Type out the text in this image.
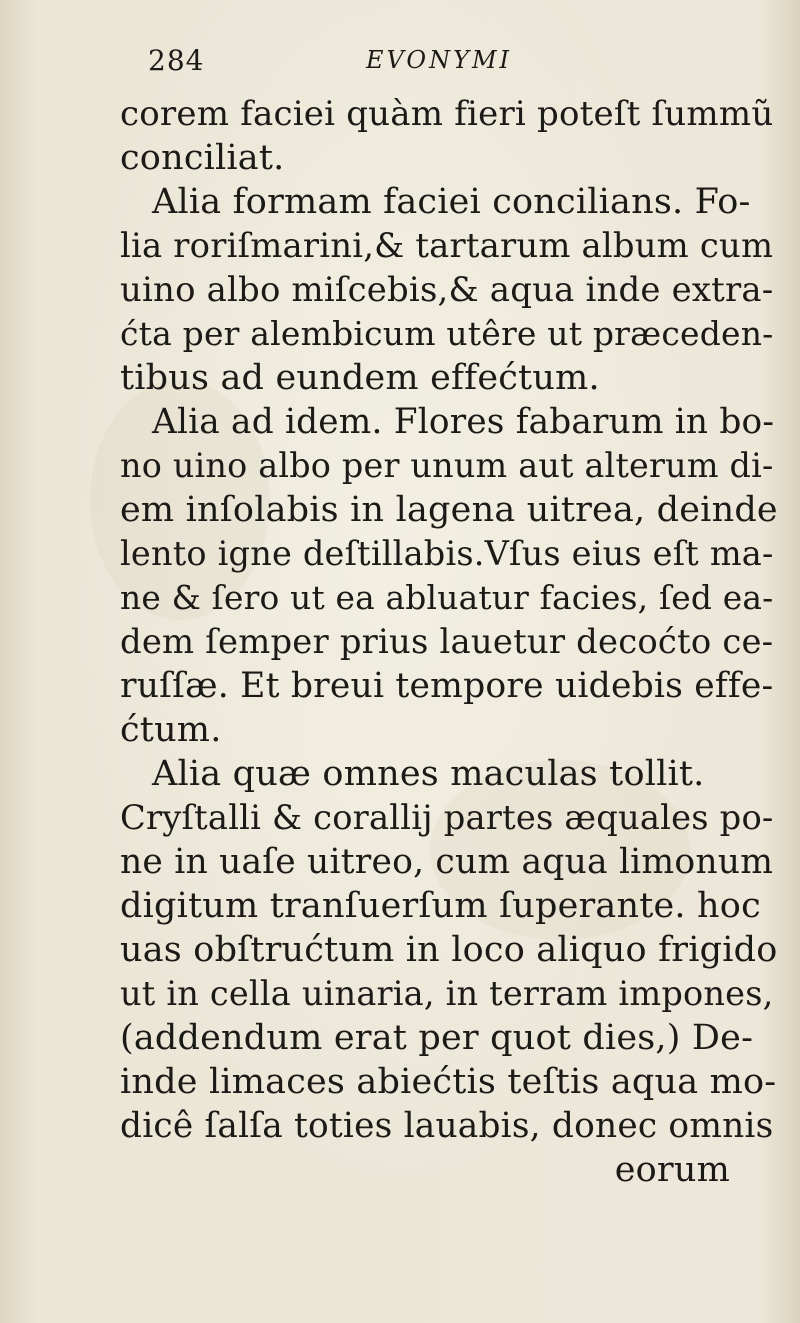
284	EVONYMI
corem faciei quàm fieri poteſt ſummũ
conciliat.
Alia formam faciei concilians. Fo-
lia roriſmarini,& tartarum album cum
uino albo miſcebis,& aqua inde extra-
ćta per alembicum utêre ut præceden-
tibus ad eundem effećtum.
Alia ad idem. Flores fabarum in bo-
no uino albo per unum aut alterum di-
em inſolabis in lagena uitrea, deinde
lento igne deſtillabis.Vſus eius eſt ma-
ne & ſero ut ea abluatur facies, ſed ea-
dem ſemper prius lauetur decoćto ce-
ruſſæ. Et breui tempore uidebis effe-
ćtum.
Alia quæ omnes maculas tollit.
Cryſtalli & corallij partes æquales po-
ne in uaſe uitreo, cum aqua limonum
digitum tranſuerſum ſuperante. hoc
uas obſtrućtum in loco aliquo frigido
ut in cella uinaria, in terram impones,
(addendum erat per quot dies,) De-
inde limaces abiećtis teſtis aqua mo-
dicê ſalſa toties lauabis, donec omnis
eorum
